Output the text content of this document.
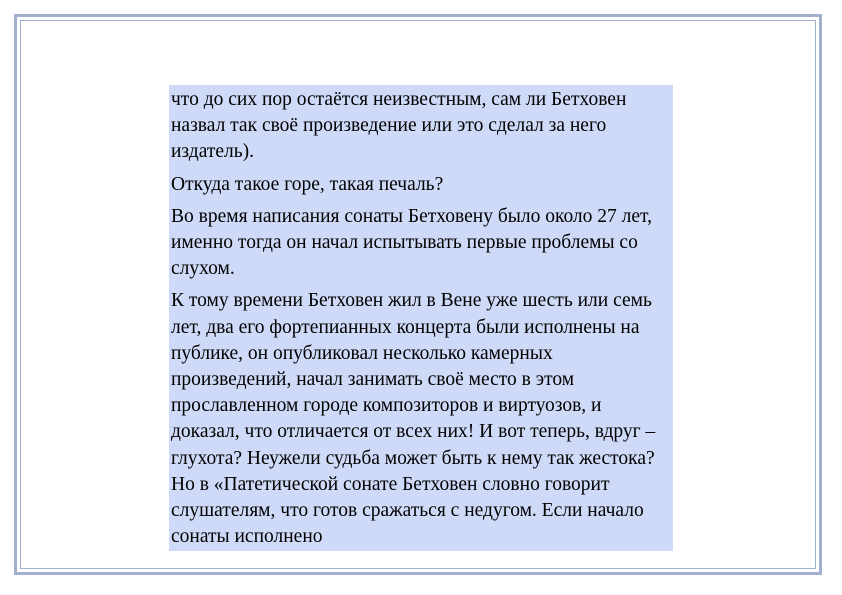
что до сих пор остаётся неизвестным, сам ли Бетховен назвал так своё произведение или это сделал за него издатель).

Откуда такое горе, такая печаль?

Во время написания сонаты Бетховену было около 27 лет, именно тогда он начал испытывать первые проблемы со слухом.

К тому времени Бетховен жил в Вене уже шесть или семь лет, два его фортепианных концерта были исполнены на публике, он опубликовал несколько камерных произведений, начал занимать своё место в этом прославленном городе композиторов и виртуозов, и доказал, что отличается от всех них! И вот теперь, вдруг – глухота? Неужели судьба может быть к нему так жестока? Но в «Патетической сонате Бетховен словно говорит слушателям, что готов сражаться с недугом. Если начало сонаты исполнено
